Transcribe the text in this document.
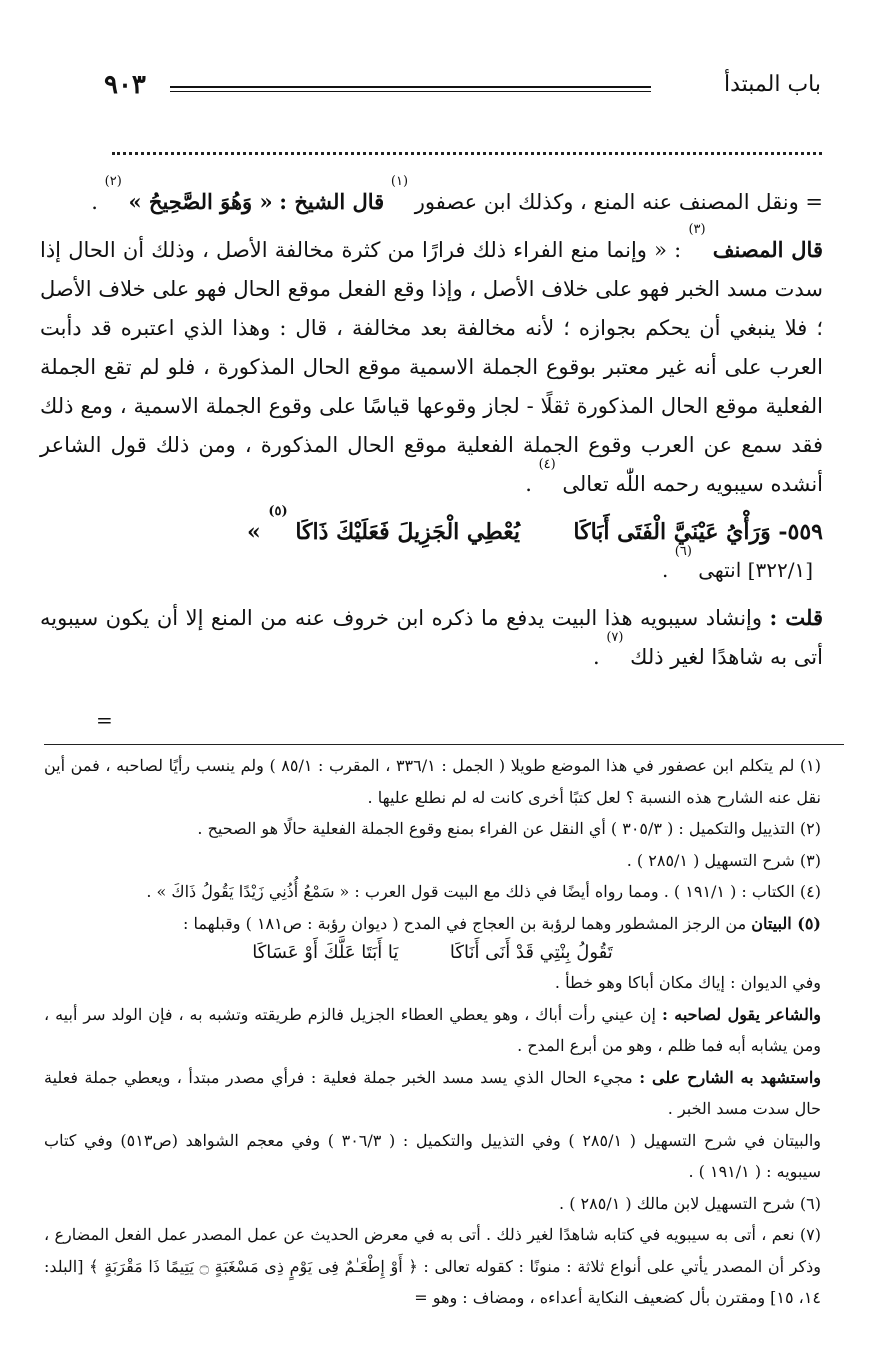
باب المبتدأ
٩٠٣

= ونقل المصنف عنه المنع ، وكذلك ابن عصفور $^{(١)}$ قال الشيخ : « وَهُوَ الصَّحِيحُ » $^{(٢)}$ .

قال المصنف $^{(٣)}$ : « وإنما منع الفراء ذلك فرارًا من كثرة مخالفة الأصل ، وذلك أن الحال إذا سدت مسد الخبر فهو على خلاف الأصل ، وإذا وقع الفعل موقع الحال فهو على خلاف الأصل ؛ فلا ينبغي أن يحكم بجوازه ؛ لأنه مخالفة بعد مخالفة ، قال : وهذا الذي اعتبره قد دأبت العرب على أنه غير معتبر بوقوع الجملة الاسمية موقع الحال المذكورة ، فلو لم تقع الجملة الفعلية موقع الحال المذكورة ثقلًا - لجاز وقوعها قياسًا على وقوع الجملة الاسمية ، ومع ذلك فقد سمع عن العرب وقوع الجملة الفعلية موقع الحال المذكورة ، ومن ذلك قول الشاعر أنشده سيبويه رحمه اللّٰه تعالى $^{(٤)}$ .

٥٥٩- وَرَأْيُ عَيْنَيَّ الْفَتَى أَبَاكَا  يُعْطِي الْجَزِيلَ فَعَلَيْكَ ذَاكَا $^{(٥)}$ »

[٣٢٢/١] انتهى $^{(٦)}$ .

قلت : وإنشاد سيبويه هذا البيت يدفع ما ذكره ابن خروف عنه من المنع إلا أن يكون سيبويه أتى به شاهدًا لغير ذلك $^{(٧)}$ .

=

(١) لم يتكلم ابن عصفور في هذا الموضع طويلا ( الجمل : ٣٣٦/١ ، المقرب : ٨٥/١ ) ولم ينسب رأيًا لصاحبه ، فمن أين نقل عنه الشارح هذه النسبة ؟ لعل كتبًا أخرى كانت له لم نطلع عليها .

(٢) التذييل والتكميل : ( ٣٠٥/٣ ) أي النقل عن الفراء بمنع وقوع الجملة الفعلية حالًا هو الصحيح .

(٣) شرح التسهيل ( ٢٨٥/١ ) .

(٤) الكتاب : ( ١٩١/١ ) . ومما رواه أيضًا في ذلك مع البيت قول العرب : « سَمْعُ أُذُنِي زَيْدًا يَقُولُ ذَاكَ » .

(٥) البيتان من الرجز المشطور وهما لرؤبة بن العجاج في المدح ( ديوان رؤبة : ص١٨١ ) وقبلهما :

تَقُولُ بِنْتِي قَدْ أَنَى أَنَاكَا  يَا أَبَتَا عَلَّكَ أَوْ عَسَاكَا

وفي الديوان : إياك مكان أباكا وهو خطأ .

والشاعر يقول لصاحبه : إن عيني رأت أباك ، وهو يعطي العطاء الجزيل فالزم طريقته وتشبه به ، فإن الولد سر أبيه ، ومن يشابه أبه فما ظلم ، وهو من أبرع المدح .

واستشهد به الشارح على : مجيء الحال الذي يسد مسد الخبر جملة فعلية : فرأي مصدر مبتدأ ، ويعطي جملة فعلية حال سدت مسد الخبر .

والبيتان في شرح التسهيل ( ٢٨٥/١ ) وفي التذييل والتكميل : ( ٣٠٦/٣ ) وفي معجم الشواهد (ص٥١٣) وفي كتاب سيبويه : ( ١٩١/١ ) .

(٦) شرح التسهيل لابن مالك ( ٢٨٥/١ ) .

(٧) نعم ، أتى به سيبويه في كتابه شاهدًا لغير ذلك . أتى به في معرض الحديث عن عمل المصدر عمل الفعل المضارع ، وذكر أن المصدر يأتي على أنواع ثلاثة : منونًا : كقوله تعالى : ﴿ أَوْ إِطْعَـٰمٌ فِى يَوْمٍ ذِى مَسْغَبَةٍ ۝ يَتِيمًا ذَا مَقْرَبَةٍ ﴾ [البلد: ١٤، ١٥] ومقترن بأل كضعيف النكاية أعداءه ، ومضاف : وهو =
